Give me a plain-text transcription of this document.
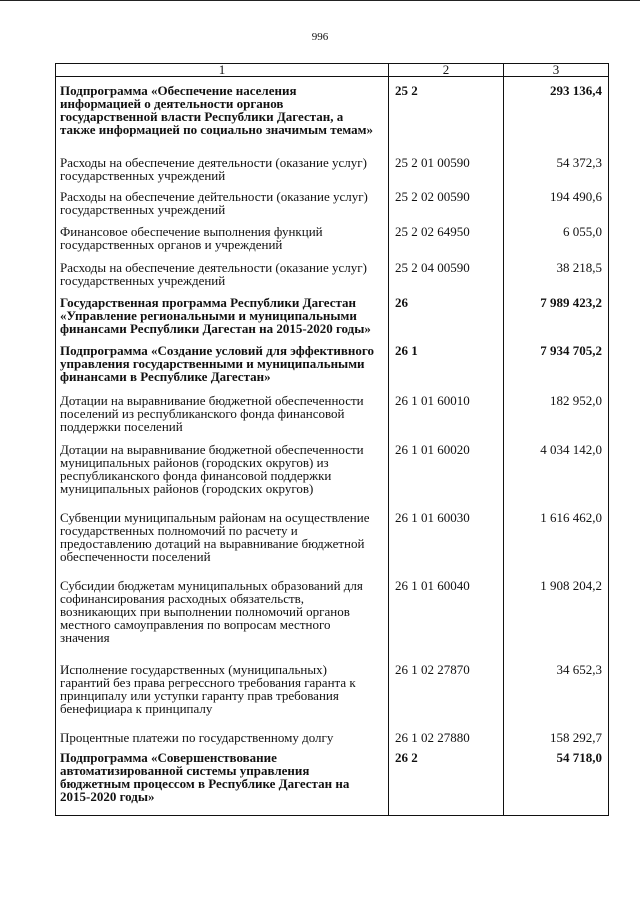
996
1	2	3
Подпрограмма «Обеспечение населения информацией о деятельности органов государственной власти Республики Дагестан, а также информацией по социально значимым темам»	25 2	293 136,4
Расходы на обеспечение деятельности (оказание услуг) государственных учреждений	25 2 01 00590	54 372,3
Расходы на обеспечение дейтельности (оказание услуг) государственных учреждений	25 2 02 00590	194 490,6
Финансовое обеспечение выполнения функций государственных органов и учреждений	25 2 02 64950	6 055,0
Расходы на обеспечение деятельности (оказание услуг) государственных учреждений	25 2 04 00590	38 218,5
Государственная программа Республики Дагестан «Управление региональными и муниципальными финансами Республики Дагестан на 2015-2020 годы»	26	7 989 423,2
Подпрограмма «Создание условий для эффективного управления государственными и муниципальными финансами в Республике Дагестан»	26 1	7 934 705,2
Дотации на выравнивание бюджетной обеспеченности поселений из республиканского фонда финансовой поддержки поселений	26 1 01 60010	182 952,0
Дотации на выравнивание бюджетной обеспеченности муниципальных районов (городских округов) из республиканского фонда финансовой поддержки муниципальных районов (городских округов)	26 1 01 60020	4 034 142,0
Субвенции муниципальным районам на осуществление государственных полномочий по расчету и предоставлению дотаций на выравнивание бюджетной обеспеченности поселений	26 1 01 60030	1 616 462,0
Субсидии бюджетам муниципальных образований для софинансирования расходных обязательств, возникающих при выполнении полномочий органов местного самоуправления по вопросам местного значения	26 1 01 60040	1 908 204,2
Исполнение государственных (муниципальных) гарантий без права регрессного требования гаранта к принципалу или уступки гаранту прав требования бенефициара к принципалу	26 1 02 27870	34 652,3
Процентные платежи по государственному долгу	26 1 02 27880	158 292,7
Подпрограмма «Совершенствование автоматизированной системы управления бюджетным процессом в Республике Дагестан на 2015-2020 годы»	26 2	54 718,0
